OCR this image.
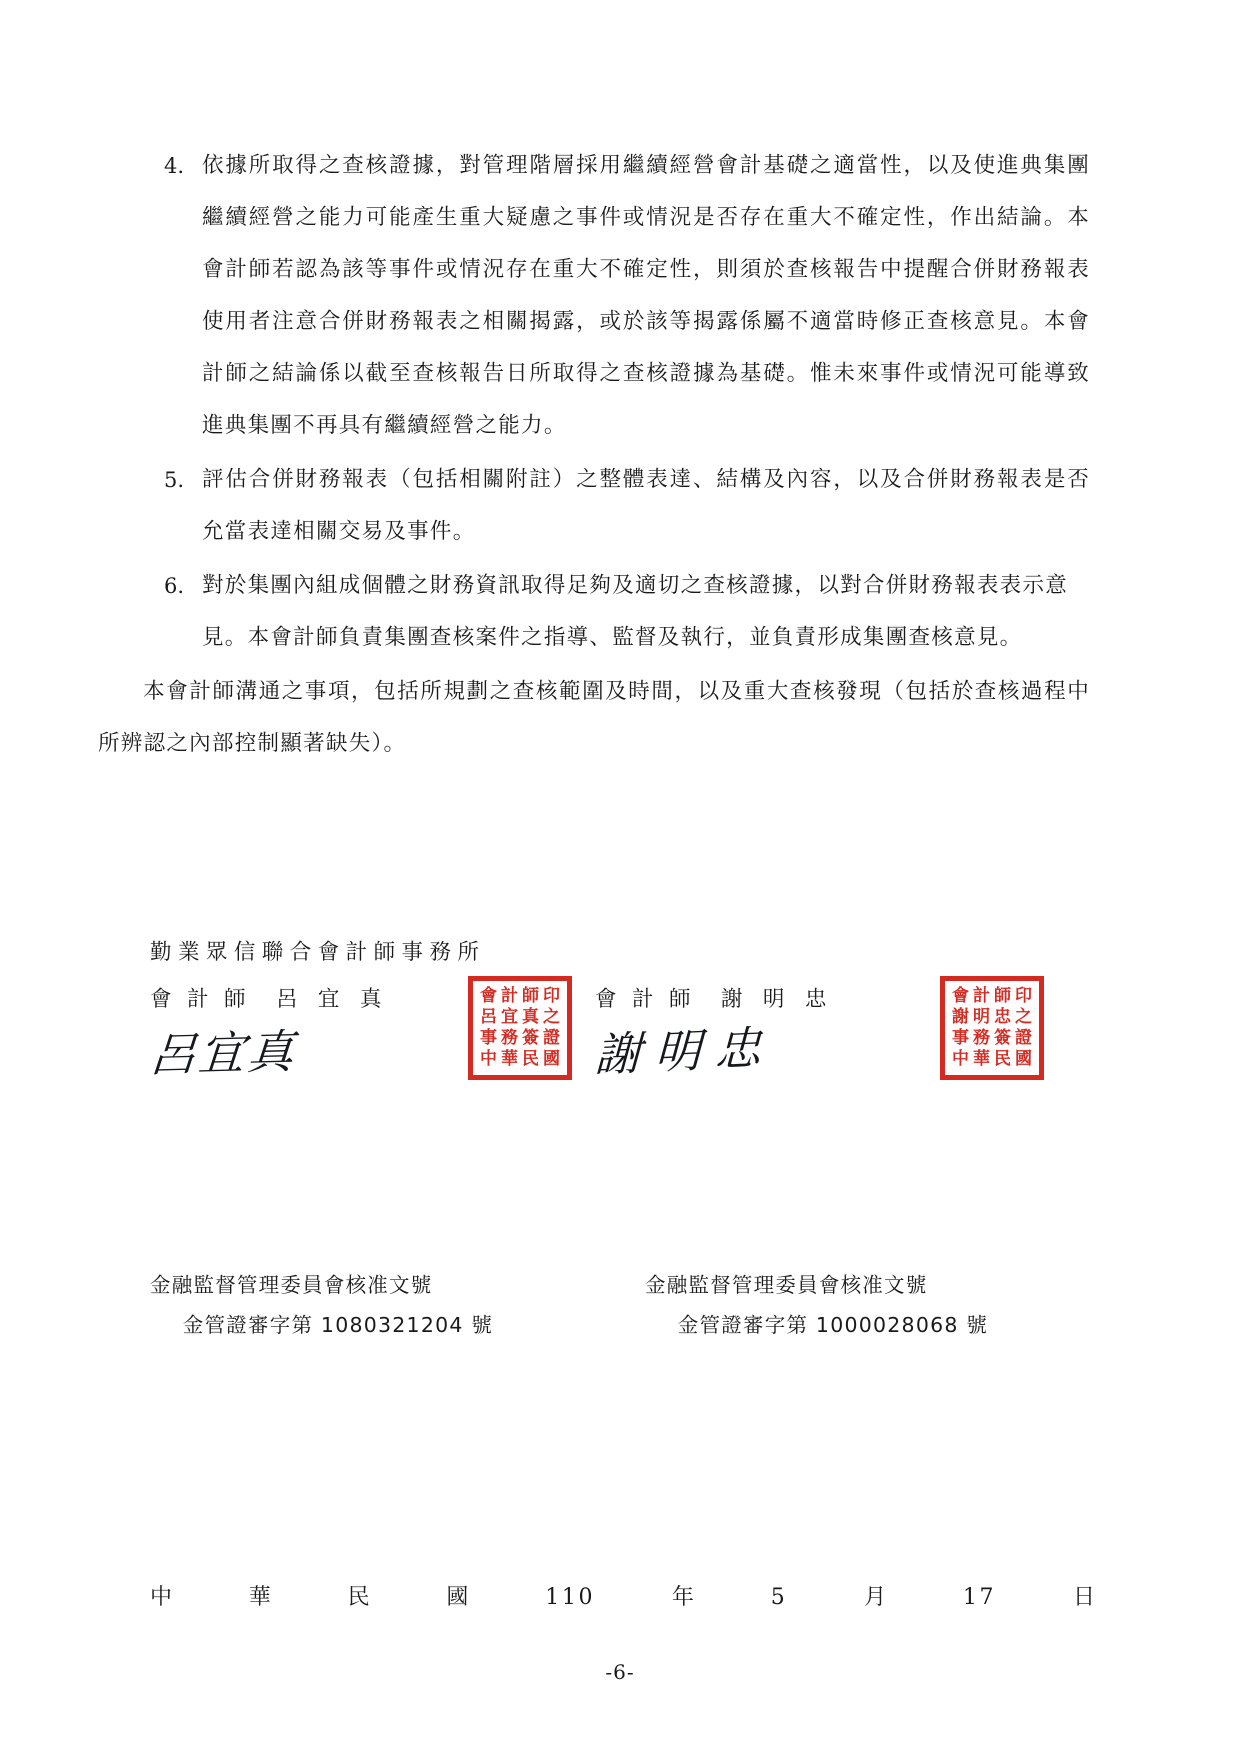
4. 依據所取得之查核證據，對管理階層採用繼續經營會計基礎之適當性，以及使進典集團繼續經營之能力可能產生重大疑慮之事件或情況是否存在重大不確定性，作出結論。本會計師若認為該等事件或情況存在重大不確定性，則須於查核報告中提醒合併財務報表使用者注意合併財務報表之相關揭露，或於該等揭露係屬不適當時修正查核意見。本會計師之結論係以截至查核報告日所取得之查核證據為基礎。惟未來事件或情況可能導致進典集團不再具有繼續經營之能力。
5. 評估合併財務報表（包括相關附註）之整體表達、結構及內容，以及合併財務報表是否允當表達相關交易及事件。
6. 對於集團內組成個體之財務資訊取得足夠及適切之查核證據，以對合併財務報表表示意見。本會計師負責集團查核案件之指導、監督及執行，並負責形成集團查核意見。

本會計師溝通之事項，包括所規劃之查核範圍及時間，以及重大查核發現（包括於查核過程中所辨認之內部控制顯著缺失）。

勤業眾信聯合會計師事務所
會計師 呂宜真
呂宜真
會 計 師 印
呂 宜 真 之
事 務 簽 證
中 華 民 國
會計師 謝明忠
謝明忠
會 計 師 印
謝 明 忠 之
事 務 簽 證
中 華 民 國
金融監督管理委員會核准文號
金管證審字第 1080321204 號
金融監督管理委員會核准文號
金管證審字第 1000028068 號
中	華	民	國	110	年	5	月	17	日
-6-
